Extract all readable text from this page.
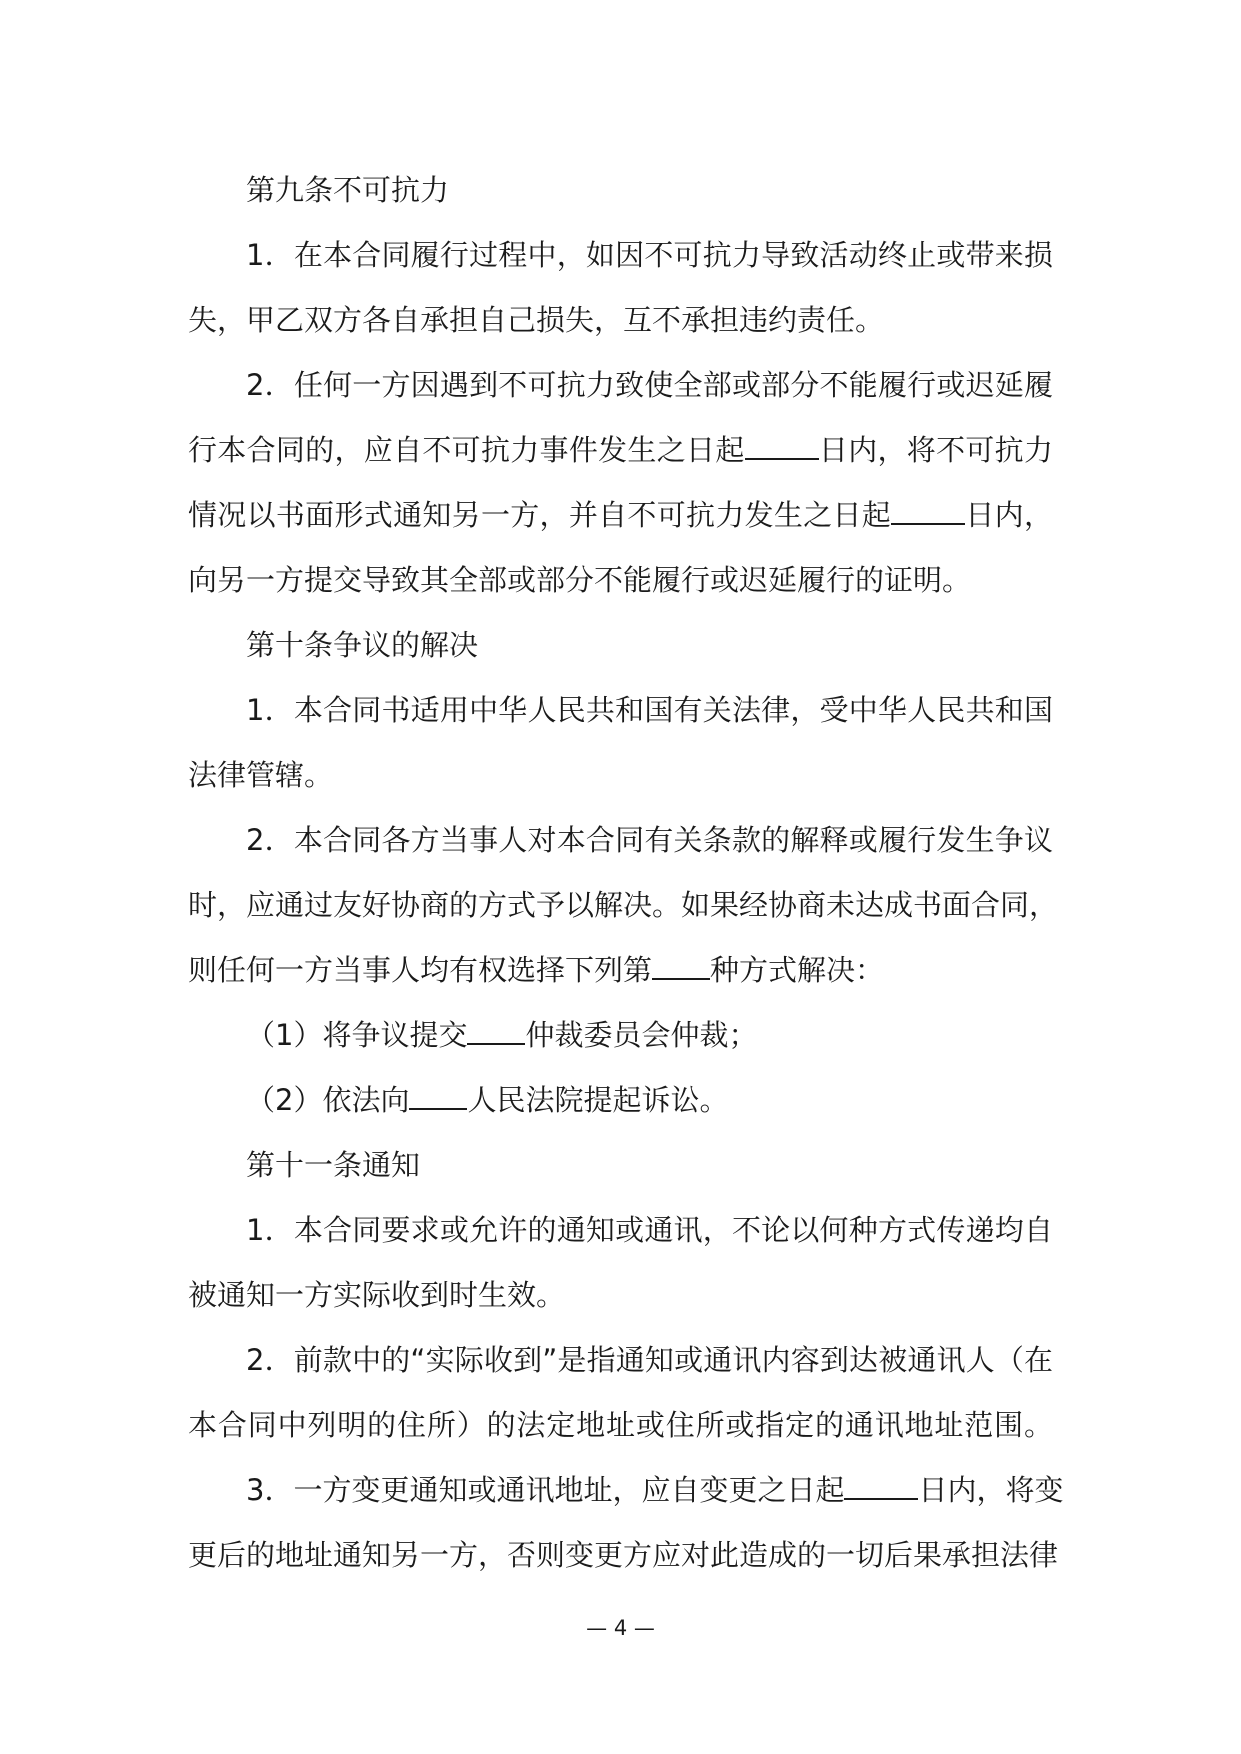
第九条不可抗力
1．在本合同履行过程中，如因不可抗力导致活动终止或带来损
失，甲乙双方各自承担自己损失，互不承担违约责任。
2．任何一方因遇到不可抗力致使全部或部分不能履行或迟延履
行本合同的，应自不可抗力事件发生之日起	日内，将不可抗力
情况以书面形式通知另一方，并自不可抗力发生之日起	日内，
向另一方提交导致其全部或部分不能履行或迟延履行的证明。
第十条争议的解决
1．本合同书适用中华人民共和国有关法律，受中华人民共和国
法律管辖。
2．本合同各方当事人对本合同有关条款的解释或履行发生争议
时，应通过友好协商的方式予以解决。如果经协商未达成书面合同，
则任何一方当事人均有权选择下列第 种方式解决：
（1）将争议提交 仲裁委员会仲裁；
（2）依法向 人民法院提起诉讼。
第十一条通知
1．本合同要求或允许的通知或通讯，不论以何种方式传递均自
被通知一方实际收到时生效。
2．前款中的“实际收到”是指通知或通讯内容到达被通讯人（在
本合同中列明的住所）的法定地址或住所或指定的通讯地址范围。
3．一方变更通知或通讯地址，应自变更之日起	日内，将变
更后的地址通知另一方，否则变更方应对此造成的一切后果承担法律
— 4 —
